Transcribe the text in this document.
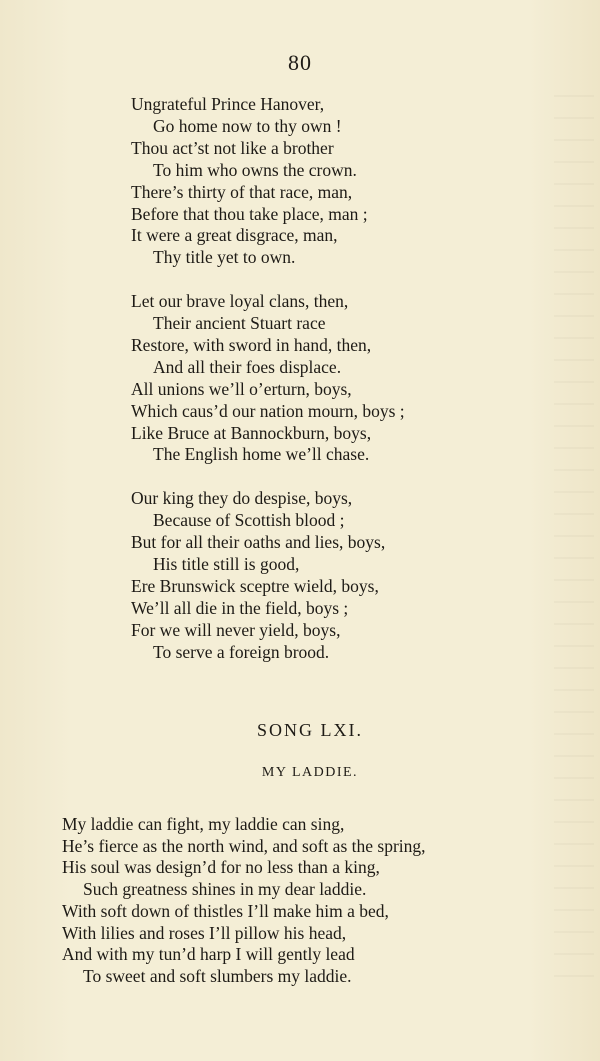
80
Ungrateful Prince Hanover,
Go home now to thy own !
Thou act’st not like a brother
To him who owns the crown.
There’s thirty of that race, man,
Before that thou take place, man ;
It were a great disgrace, man,
Thy title yet to own.
Let our brave loyal clans, then,
Their ancient Stuart race
Restore, with sword in hand, then,
And all their foes displace.
All unions we’ll o’erturn, boys,
Which caus’d our nation mourn, boys ;
Like Bruce at Bannockburn, boys,
The English home we’ll chase.
Our king they do despise, boys,
Because of Scottish blood ;
But for all their oaths and lies, boys,
His title still is good,
Ere Brunswick sceptre wield, boys,
We’ll all die in the field, boys ;
For we will never yield, boys,
To serve a foreign brood.
SONG LXI.
MY LADDIE.
My laddie can fight, my laddie can sing,
He’s fierce as the north wind, and soft as the spring,
His soul was design’d for no less than a king,
Such greatness shines in my dear laddie.
With soft down of thistles I’ll make him a bed,
With lilies and roses I’ll pillow his head,
And with my tun’d harp I will gently lead
To sweet and soft slumbers my laddie.
